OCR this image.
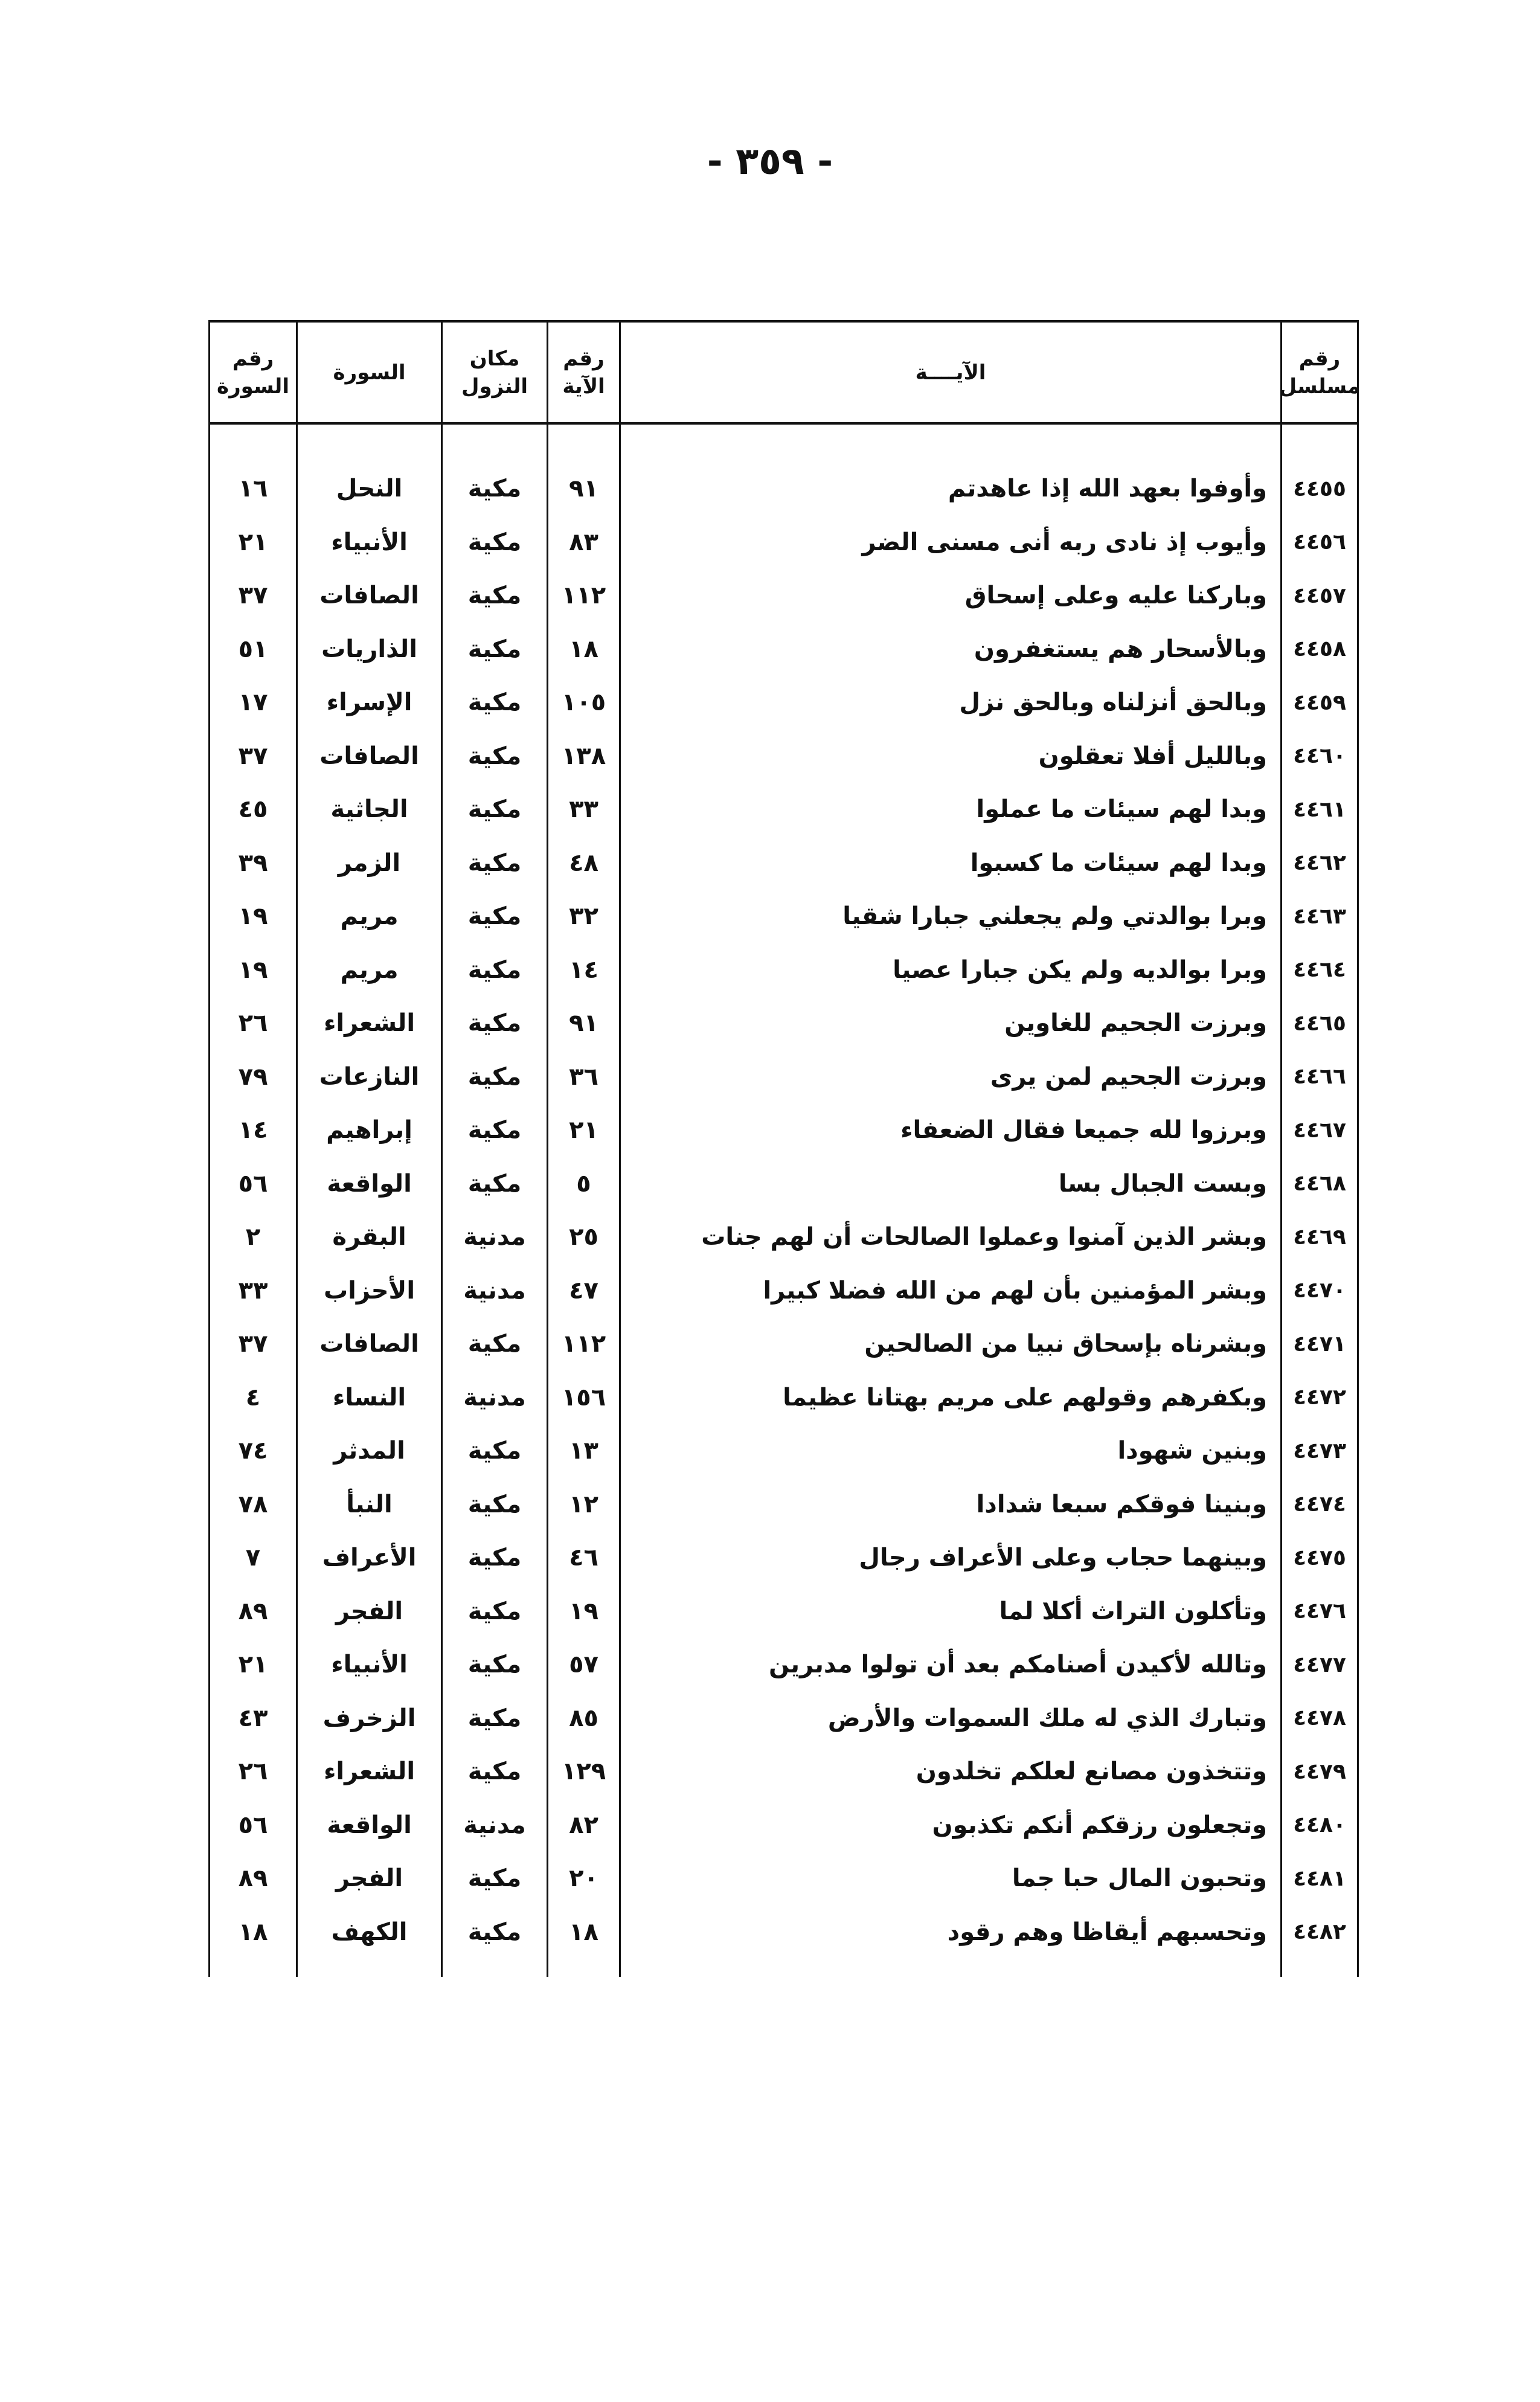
- ٣٥٩ -
رقم مسلسل
الآيــــة
رقم الآية
مكان النزول
السورة
رقم السورة
٤٤٥٥
وأوفوا بعهد الله إذا عاهدتم
٩١
مكية
النحل
١٦
٤٤٥٦
وأيوب إذ نادى ربه أنى مسنى الضر
٨٣
مكية
الأنبياء
٢١
٤٤٥٧
وباركنا عليه وعلى إسحاق
١١٢
مكية
الصافات
٣٧
٤٤٥٨
وبالأسحار هم يستغفرون
١٨
مكية
الذاريات
٥١
٤٤٥٩
وبالحق أنزلناه وبالحق نزل
١٠٥
مكية
الإسراء
١٧
٤٤٦٠
وبالليل أفلا تعقلون
١٣٨
مكية
الصافات
٣٧
٤٤٦١
وبدا لهم سيئات ما عملوا
٣٣
مكية
الجاثية
٤٥
٤٤٦٢
وبدا لهم سيئات ما كسبوا
٤٨
مكية
الزمر
٣٩
٤٤٦٣
وبرا بوالدتي ولم يجعلني جبارا شقيا
٣٢
مكية
مريم
١٩
٤٤٦٤
وبرا بوالديه ولم يكن جبارا عصيا
١٤
مكية
مريم
١٩
٤٤٦٥
وبرزت الجحيم للغاوين
٩١
مكية
الشعراء
٢٦
٤٤٦٦
وبرزت الجحيم لمن يرى
٣٦
مكية
النازعات
٧٩
٤٤٦٧
وبرزوا لله جميعا فقال الضعفاء
٢١
مكية
إبراهيم
١٤
٤٤٦٨
وبست الجبال بسا
٥
مكية
الواقعة
٥٦
٤٤٦٩
وبشر الذين آمنوا وعملوا الصالحات أن لهم جنات
٢٥
مدنية
البقرة
٢
٤٤٧٠
وبشر المؤمنين بأن لهم من الله فضلا كبيرا
٤٧
مدنية
الأحزاب
٣٣
٤٤٧١
وبشرناه بإسحاق نبيا من الصالحين
١١٢
مكية
الصافات
٣٧
٤٤٧٢
وبكفرهم وقولهم على مريم بهتانا عظيما
١٥٦
مدنية
النساء
٤
٤٤٧٣
وبنين شهودا
١٣
مكية
المدثر
٧٤
٤٤٧٤
وبنينا فوقكم سبعا شدادا
١٢
مكية
النبأ
٧٨
٤٤٧٥
وبينهما حجاب وعلى الأعراف رجال
٤٦
مكية
الأعراف
٧
٤٤٧٦
وتأكلون التراث أكلا لما
١٩
مكية
الفجر
٨٩
٤٤٧٧
وتالله لأكيدن أصنامكم بعد أن تولوا مدبرين
٥٧
مكية
الأنبياء
٢١
٤٤٧٨
وتبارك الذي له ملك السموات والأرض
٨٥
مكية
الزخرف
٤٣
٤٤٧٩
وتتخذون مصانع لعلكم تخلدون
١٢٩
مكية
الشعراء
٢٦
٤٤٨٠
وتجعلون رزقكم أنكم تكذبون
٨٢
مدنية
الواقعة
٥٦
٤٤٨١
وتحبون المال حبا جما
٢٠
مكية
الفجر
٨٩
٤٤٨٢
وتحسبهم أيقاظا وهم رقود
١٨
مكية
الكهف
١٨
